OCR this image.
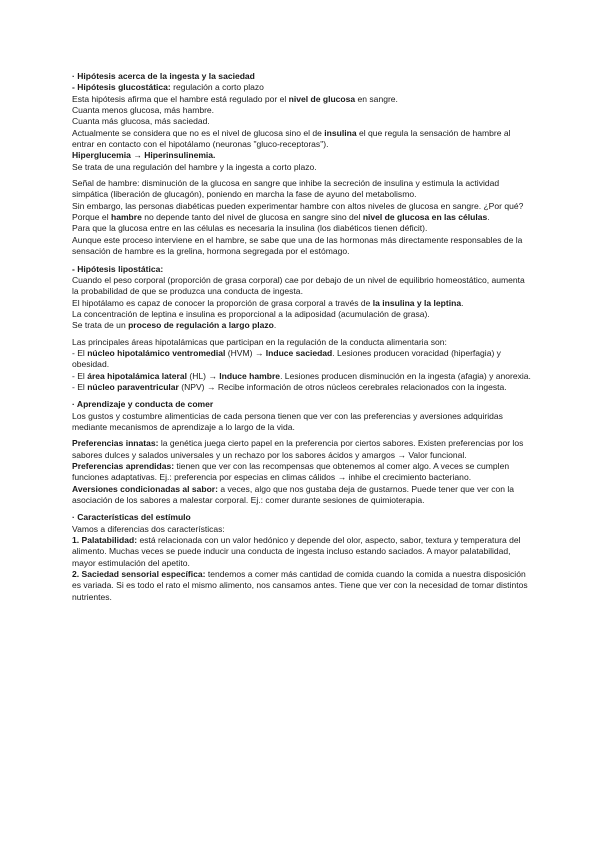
· Hipótesis acerca de la ingesta y la saciedad

- Hipótesis glucostática: regulación a corto plazo

Esta hipótesis afirma que el hambre está regulado por el nivel de glucosa en sangre.

Cuanta menos glucosa, más hambre.

Cuanta más glucosa, más saciedad.

Actualmente se considera que no es el nivel de glucosa sino el de insulina el que regula la sensación de hambre al entrar en contacto con el hipotálamo (neuronas "gluco-receptoras").

Hiperglucemia → Hiperinsulinemia.

Se trata de una regulación del hambre y la ingesta a corto plazo.

Señal de hambre: disminución de la glucosa en sangre que inhibe la secreción de insulina y estimula la actividad simpática (liberación de glucagón), poniendo en marcha la fase de ayuno del metabolismo.

Sin embargo, las personas diabéticas pueden experimentar hambre con altos niveles de glucosa en sangre. ¿Por qué?

Porque el hambre no depende tanto del nivel de glucosa en sangre sino del nivel de glucosa en las células.

Para que la glucosa entre en las células es necesaria la insulina (los diabéticos tienen déficit).

Aunque este proceso interviene en el hambre, se sabe que una de las hormonas más directamente responsables de la sensación de hambre es la grelina, hormona segregada por el estómago.

- Hipótesis lipostática:

Cuando el peso corporal (proporción de grasa corporal) cae por debajo de un nivel de equilibrio homeostático, aumenta la probabilidad de que se produzca una conducta de ingesta.

El hipotálamo es capaz de conocer la proporción de grasa corporal a través de la insulina y la leptina.

La concentración de leptina e insulina es proporcional a la adiposidad (acumulación de grasa).

Se trata de un proceso de regulación a largo plazo.

Las principales áreas hipotalámicas que participan en la regulación de la conducta alimentaria son:

- El núcleo hipotalámico ventromedial (HVM) → Induce saciedad. Lesiones producen voracidad (hiperfagia) y obesidad.

- El área hipotalámica lateral (HL) → Induce hambre. Lesiones producen disminución en la ingesta (afagia) y anorexia.

- El núcleo paraventricular (NPV) → Recibe información de otros núcleos cerebrales relacionados con la ingesta.

· Aprendizaje y conducta de comer

Los gustos y costumbre alimenticias de cada persona tienen que ver con las preferencias y aversiones adquiridas mediante mecanismos de aprendizaje a lo largo de la vida.

Preferencias innatas: la genética juega cierto papel en la preferencia por ciertos sabores. Existen preferencias por los sabores dulces y salados universales y un rechazo por los sabores ácidos y amargos → Valor funcional.

Preferencias aprendidas: tienen que ver con las recompensas que obtenemos al comer algo. A veces se cumplen funciones adaptativas. Ej.: preferencia por especias en climas cálidos → inhibe el crecimiento bacteriano.

Aversiones condicionadas al sabor: a veces, algo que nos gustaba deja de gustarnos. Puede tener que ver con la asociación de los sabores a malestar corporal. Ej.: comer durante sesiones de quimioterapia.

· Características del estímulo

Vamos a diferencias dos características:

1. Palatabilidad: está relacionada con un valor hedónico y depende del olor, aspecto, sabor, textura y temperatura del alimento. Muchas veces se puede inducir una conducta de ingesta incluso estando saciados. A mayor palatabilidad, mayor estimulación del apetito.

2. Saciedad sensorial específica: tendemos a comer más cantidad de comida cuando la comida a nuestra disposición es variada. Si es todo el rato el mismo alimento, nos cansamos antes. Tiene que ver con la necesidad de tomar distintos nutrientes.
